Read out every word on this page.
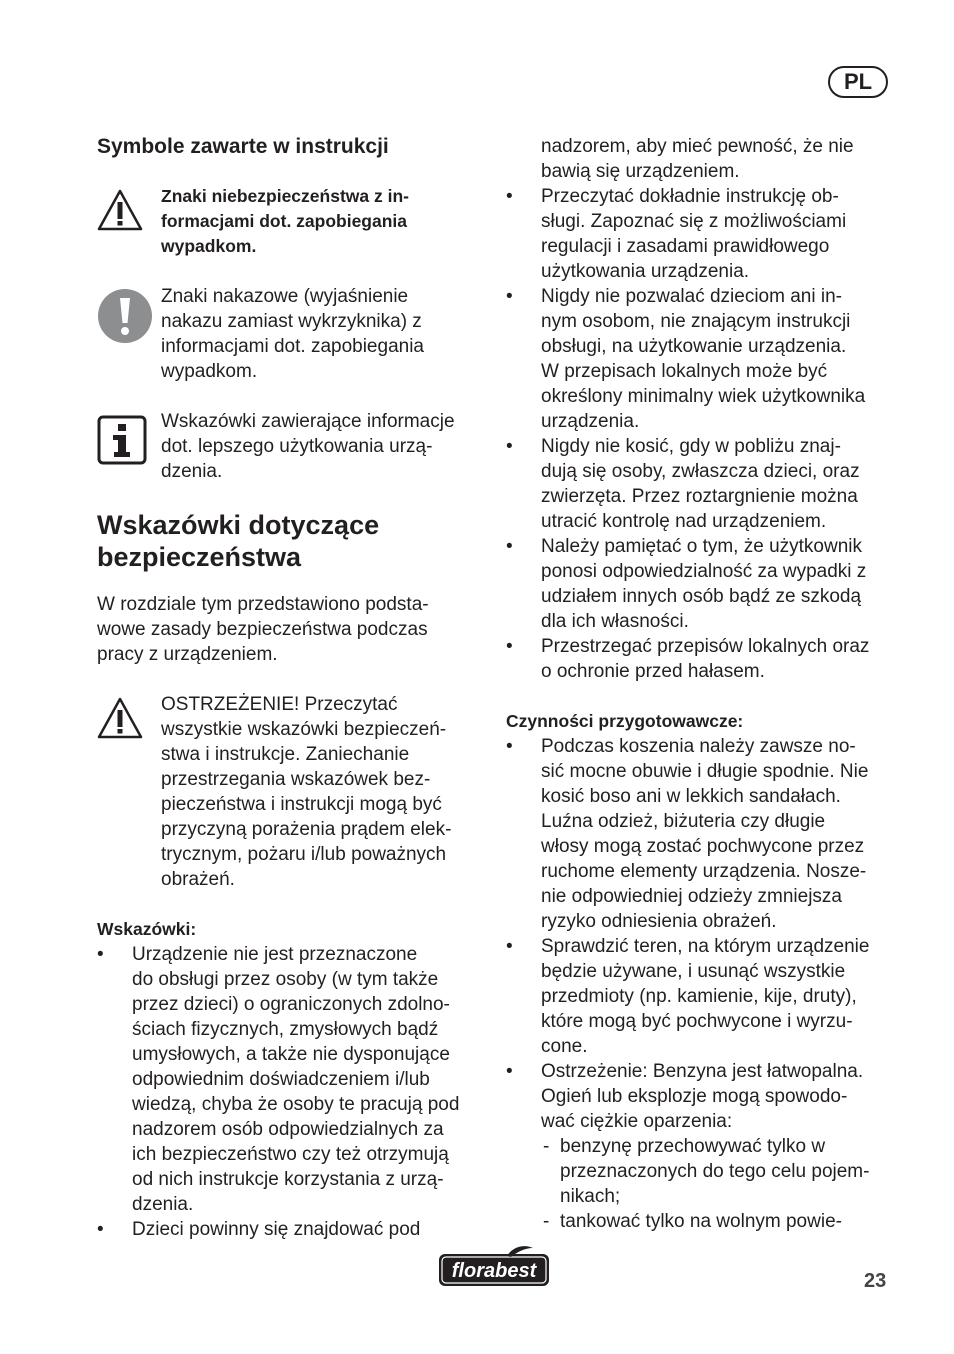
PL
Symbole zawarte w instrukcji

Znaki niebezpieczeństwa z in-
formacjami dot. zapobiegania
wypadkom.

Znaki nakazowe (wyjaśnienie
nakazu zamiast wykrzyknika) z
informacjami dot. zapobiegania
wypadkom.

Wskazówki zawierające informacje
dot. lepszego użytkowania urzą-
dzenia.

Wskazówki dotyczące
bezpieczeństwa

W rozdziale tym przedstawiono podsta-
wowe zasady bezpieczeństwa podczas
pracy z urządzeniem.

OSTRZEŻENIE! Przeczytać
wszystkie wskazówki bezpieczeń-
stwa i instrukcje. Zaniechanie
przestrzegania wskazówek bez-
pieczeństwa i instrukcji mogą być
przyczyną porażenia prądem elek-
trycznym, pożaru i/lub poważnych
obrażeń.

Wskazówki:

• Urządzenie nie jest przeznaczone
do obsługi przez osoby (w tym także
przez dzieci) o ograniczonych zdolno-
ściach fizycznych, zmysłowych bądź
umysłowych, a także nie dysponujące
odpowiednim doświadczeniem i/lub
wiedzą, chyba że osoby te pracują pod
nadzorem osób odpowiedzialnych za
ich bezpieczeństwo czy też otrzymują
od nich instrukcje korzystania z urzą-
dzenia.
• Dzieci powinny się znajdować pod

nadzorem, aby mieć pewność, że nie
bawią się urządzeniem.

• Przeczytać dokładnie instrukcję ob-
sługi. Zapoznać się z możliwościami
regulacji i zasadami prawidłowego
użytkowania urządzenia.
• Nigdy nie pozwalać dzieciom ani in-
nym osobom, nie znającym instrukcji
obsługi, na użytkowanie urządzenia.
W przepisach lokalnych może być
określony minimalny wiek użytkownika
urządzenia.
• Nigdy nie kosić, gdy w pobliżu znaj-
dują się osoby, zwłaszcza dzieci, oraz
zwierzęta. Przez roztargnienie można
utracić kontrolę nad urządzeniem.
• Należy pamiętać o tym, że użytkownik
ponosi odpowiedzialność za wypadki z
udziałem innych osób bądź ze szkodą
dla ich własności.
• Przestrzegać przepisów lokalnych oraz
o ochronie przed hałasem.

Czynności przygotowawcze:

• Podczas koszenia należy zawsze no-
sić mocne obuwie i długie spodnie. Nie
kosić boso ani w lekkich sandałach.
Luźna odzież, biżuteria czy długie
włosy mogą zostać pochwycone przez
ruchome elementy urządzenia. Nosze-
nie odpowiedniej odzieży zmniejsza
ryzyko odniesienia obrażeń.
• Sprawdzić teren, na którym urządzenie
będzie używane, i usunąć wszystkie
przedmioty (np. kamienie, kije, druty),
które mogą być pochwycone i wyrzu-
cone.
• Ostrzeżenie: Benzyna jest łatwopalna.
Ogień lub eksplozje mogą spowodo-
wać ciężkie oparzenia:
- benzynę przechowywać tylko w
przeznaczonych do tego celu pojem-
nikach;
- tankować tylko na wolnym powie-
florabest	23
